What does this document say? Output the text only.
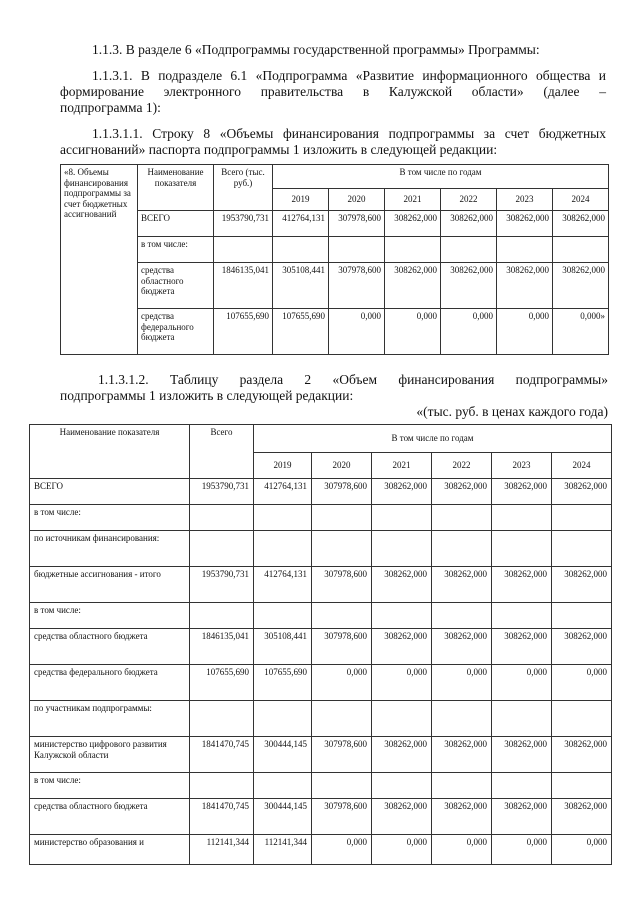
1.1.3. В разделе 6 «Подпрограммы государственной программы» Программы:
1.1.3.1. В подразделе 6.1 «Подпрограмма «Развитие информационного общества и
формирование электронного правительства в Калужской области» (далее –
подпрограмма 1):
1.1.3.1.1. Строку 8 «Объемы финансирования подпрограммы за счет бюджетных
ассигнований» паспорта подпрограммы 1 изложить в следующей редакции:
«8. Объемы финансирования подпрограммы за счет бюджетных ассигнований	Наименование показателя	Всего (тыс. руб.)	В том числе по годам					
			2019	2020	2021	2022	2023	2024
	ВСЕГО	1953790,731	412764,131	307978,600	308262,000	308262,000	308262,000	308262,000
	в том числе:							
	средства областного бюджета	1846135,041	305108,441	307978,600	308262,000	308262,000	308262,000	308262,000
	средства федерального бюджета	107655,690	107655,690	0,000	0,000	0,000	0,000	0,000»
1.1.3.1.2. Таблицу раздела 2 «Объем финансирования подпрограммы»
подпрограммы 1 изложить в следующей редакции:
«(тыс. руб. в ценах каждого года)
Наименование показателя	Всего	В том числе по годам					
		2019	2020	2021	2022	2023	2024
ВСЕГО	1953790,731	412764,131	307978,600	308262,000	308262,000	308262,000	308262,000
в том числе:							
по источникам финансирования:							
бюджетные ассигнования - итого	1953790,731	412764,131	307978,600	308262,000	308262,000	308262,000	308262,000
в том числе:							
средства областного бюджета	1846135,041	305108,441	307978,600	308262,000	308262,000	308262,000	308262,000
средства федерального бюджета	107655,690	107655,690	0,000	0,000	0,000	0,000	0,000
по участникам подпрограммы:							
министерство цифрового развития Калужской области	1841470,745	300444,145	307978,600	308262,000	308262,000	308262,000	308262,000
в том числе:							
средства областного бюджета	1841470,745	300444,145	307978,600	308262,000	308262,000	308262,000	308262,000
министерство образования и	112141,344	112141,344	0,000	0,000	0,000	0,000	0,000
